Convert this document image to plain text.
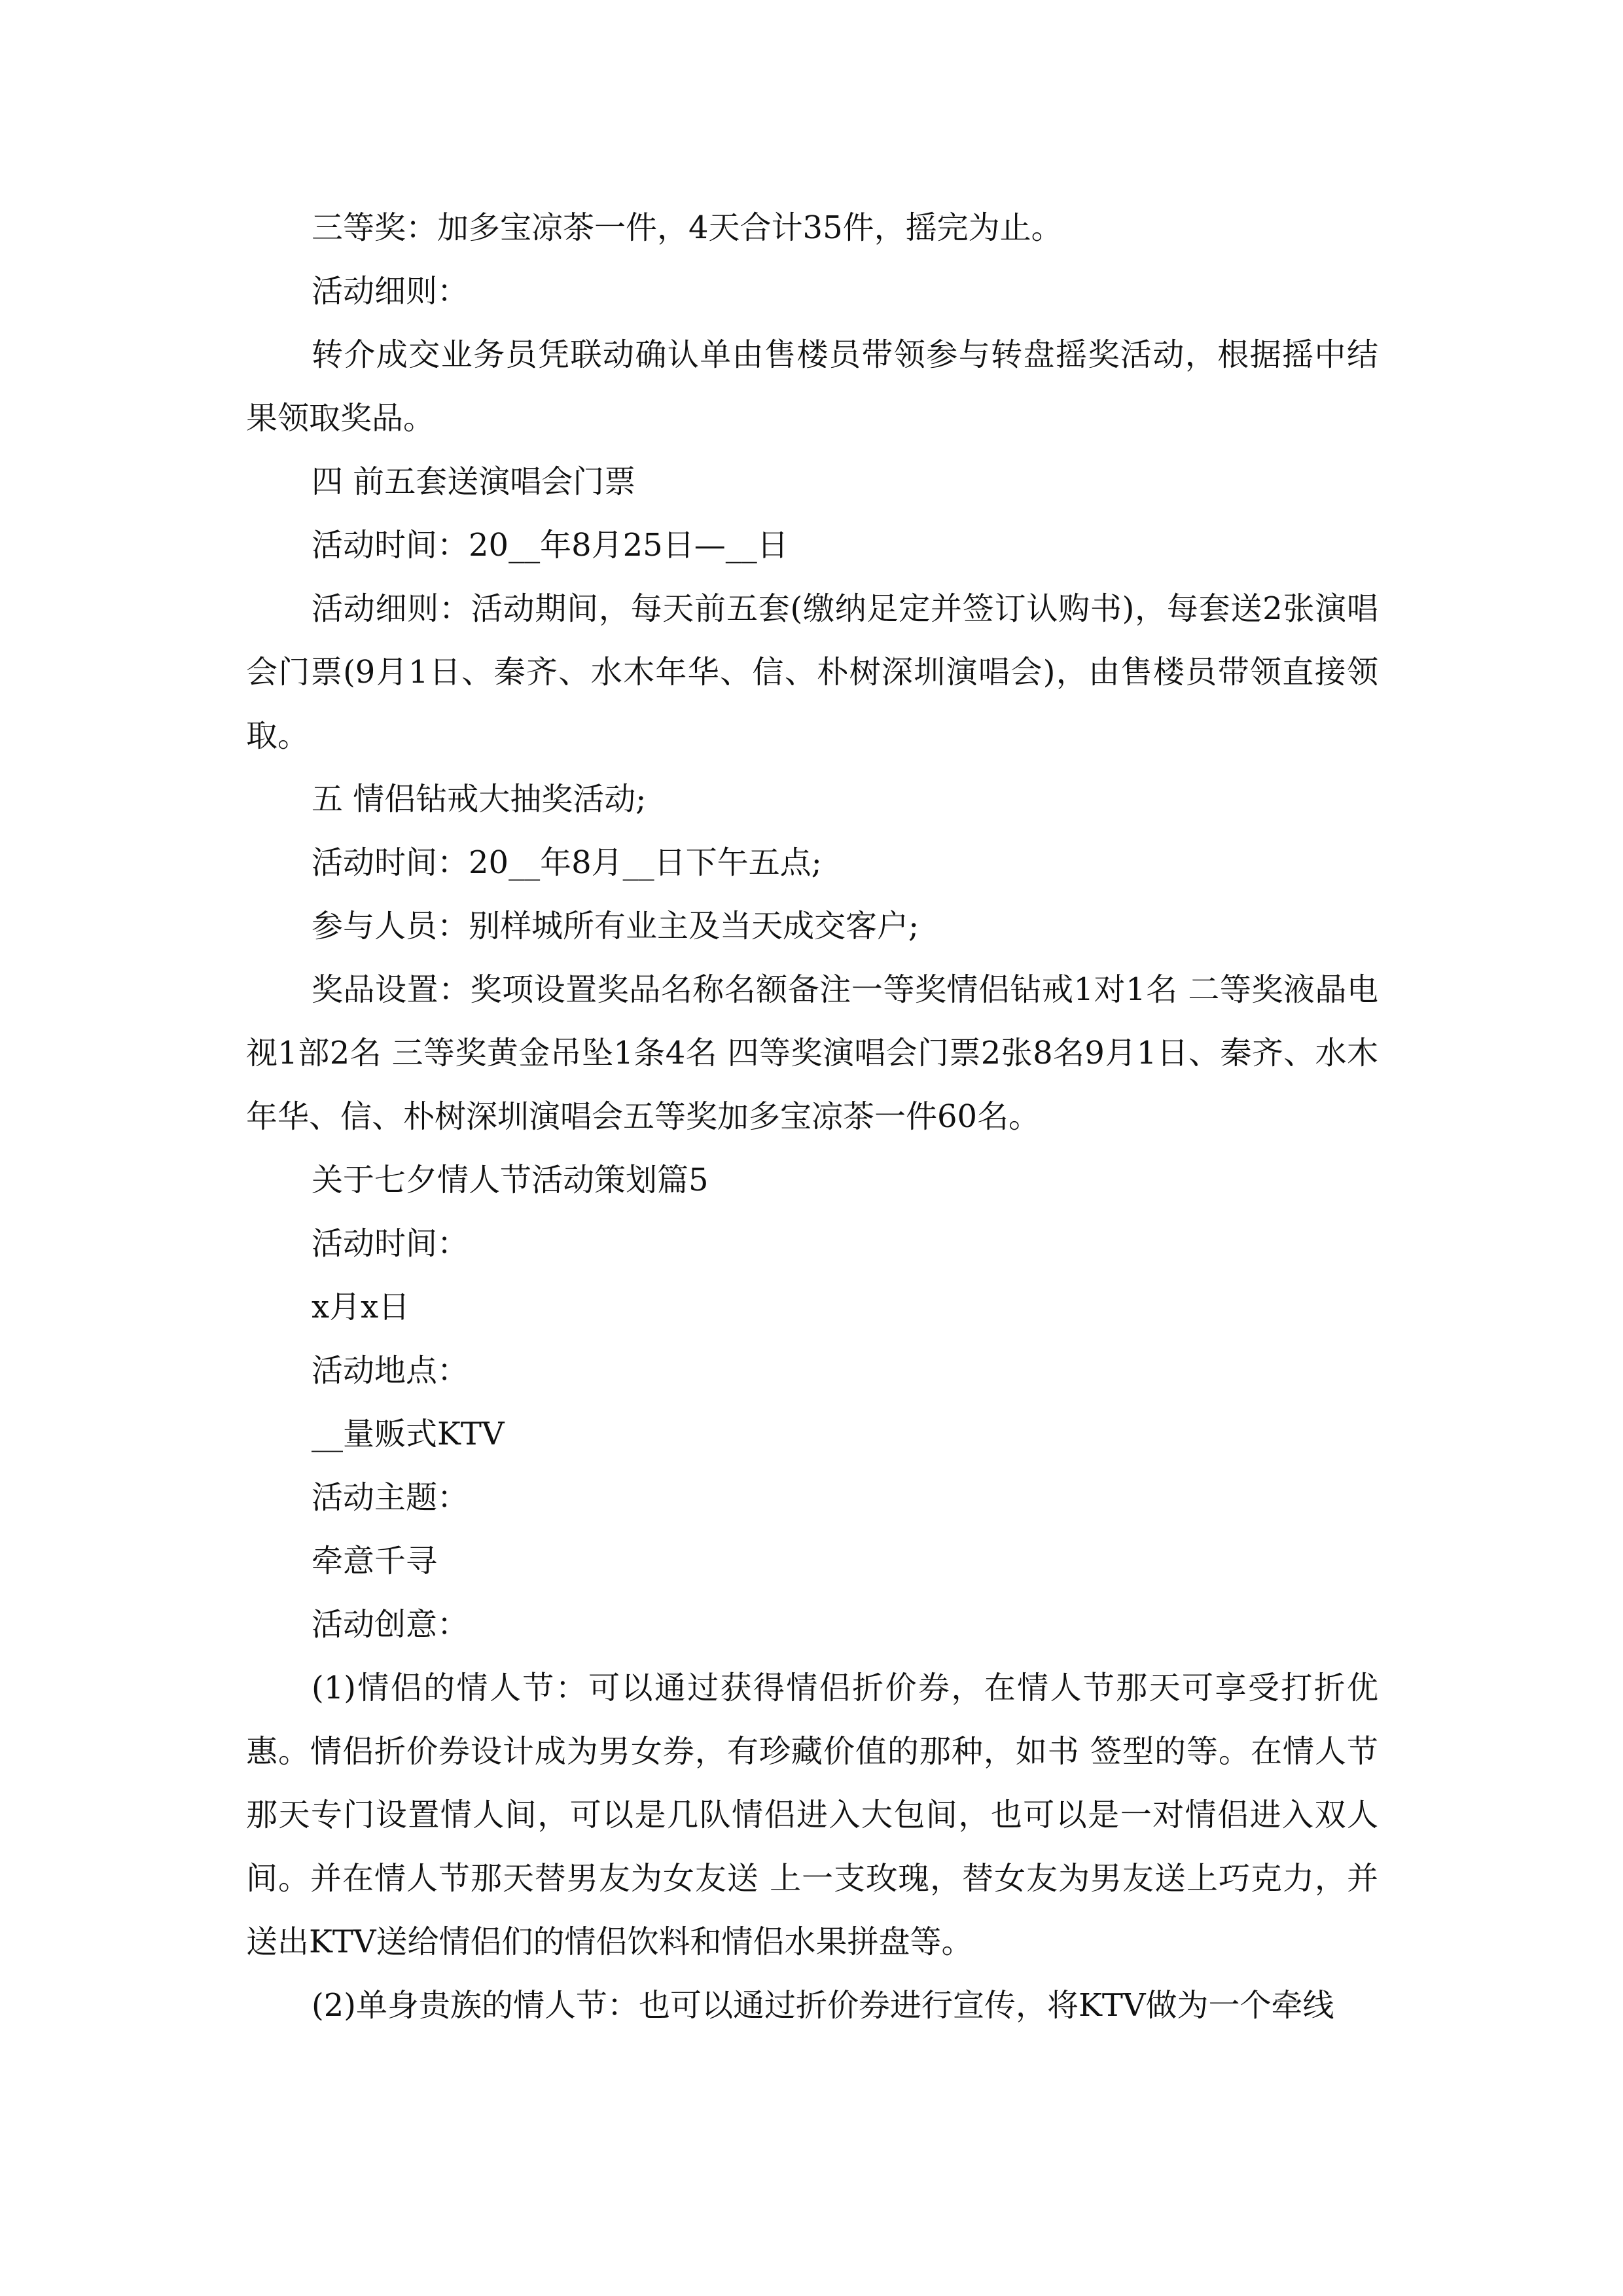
三等奖：加多宝凉茶一件，4天合计35件，摇完为止。

活动细则：

转介成交业务员凭联动确认单由售楼员带领参与转盘摇奖活动，根据摇中结果领取奖品。

四 前五套送演唱会门票

活动时间：20__年8月25日—__日

活动细则：活动期间，每天前五套(缴纳足定并签订认购书)，每套送2张演唱会门票(9月1日、秦齐、水木年华、信、朴树深圳演唱会)，由售楼员带领直接领取。

五 情侣钻戒大抽奖活动;

活动时间：20__年8月__日下午五点;

参与人员：别样城所有业主及当天成交客户;

奖品设置：奖项设置奖品名称名额备注一等奖情侣钻戒1对1名 二等奖液晶电视1部2名 三等奖黄金吊坠1条4名 四等奖演唱会门票2张8名9月1日、秦齐、水木年华、信、朴树深圳演唱会五等奖加多宝凉茶一件60名。

关于七夕情人节活动策划篇5

活动时间：

x月x日

活动地点：

__量贩式KTV

活动主题：

牵意千寻

活动创意：

(1)情侣的情人节：可以通过获得情侣折价券，在情人节那天可享受打折优惠。情侣折价券设计成为男女券，有珍藏价值的那种，如书 签型的等。在情人节那天专门设置情人间，可以是几队情侣进入大包间，也可以是一对情侣进入双人间。并在情人节那天替男友为女友送 上一支玫瑰，替女友为男友送上巧克力，并送出KTV送给情侣们的情侣饮料和情侣水果拼盘等。

(2)单身贵族的情人节：也可以通过折价券进行宣传，将KTV做为一个牵线
